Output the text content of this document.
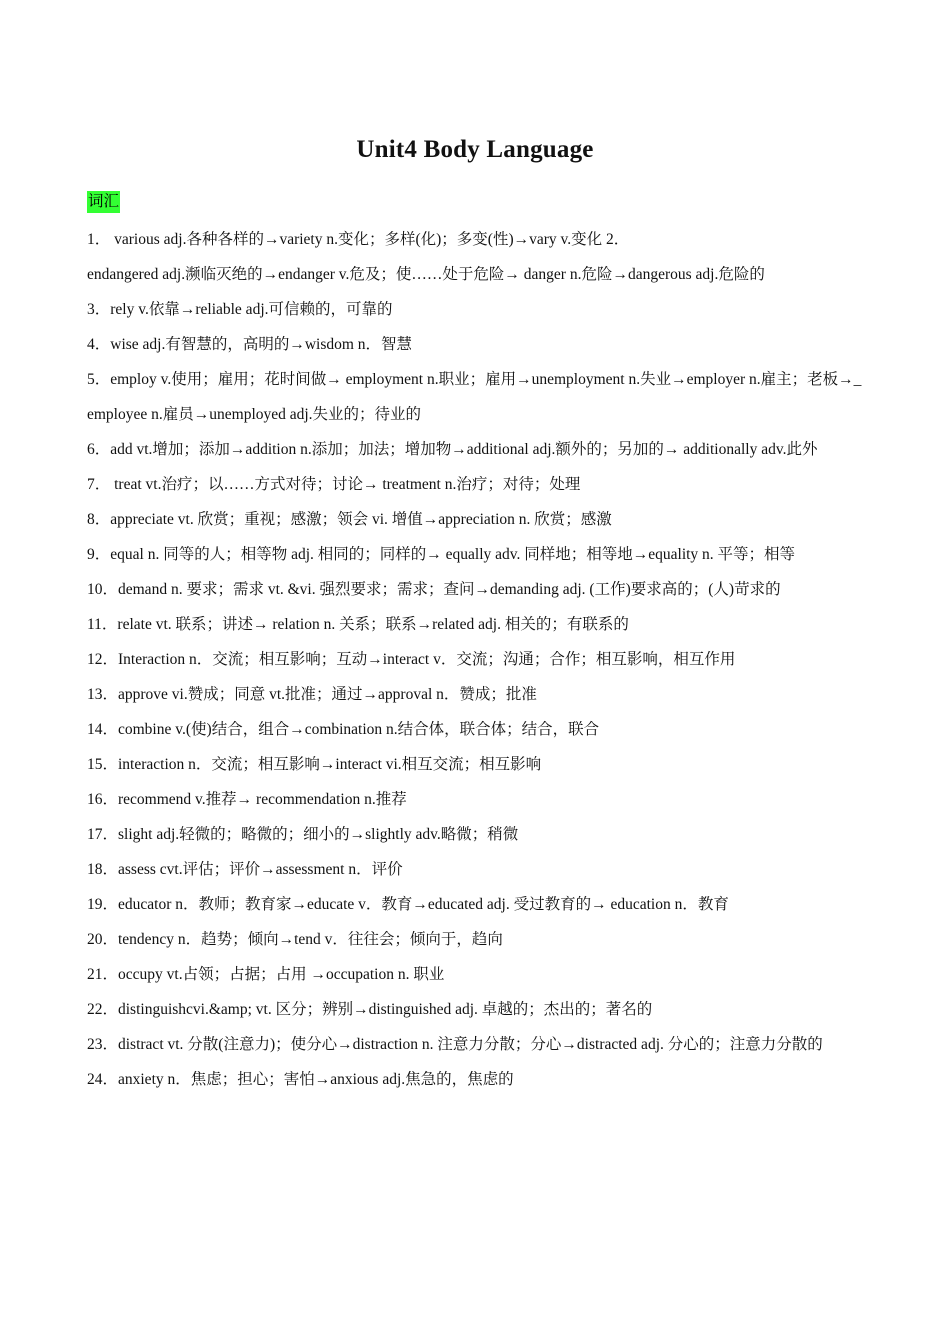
Unit4 Body Language
词汇
1． various adj.各种各样的→variety n.变化；多样(化)；多变(性)→vary v.变化 2．
endangered adj.濒临灭绝的→endanger v.危及；使……处于危险→ danger n.危险→dangerous adj.危险的
3．rely v.依靠→reliable adj.可信赖的，可靠的
4．wise adj.有智慧的，高明的→wisdom n．智慧
5．employ v.使用；雇用；花时间做→ employment n.职业；雇用→unemployment n.失业→employer n.雇主；老板→_employee n.雇员→unemployed adj.失业的；待业的
6．add vt.增加；添加→addition n.添加；加法；增加物→additional adj.额外的；另加的→ additionally adv.此外
7． treat vt.治疗；以……方式对待；讨论→ treatment n.治疗；对待；处理
8．appreciate vt. 欣赏；重视；感激；领会 vi. 增值→appreciation n. 欣赏；感激
9．equal n. 同等的人；相等物 adj. 相同的；同样的→ equally adv. 同样地；相等地→equality n. 平等；相等
10．demand n. 要求；需求 vt. &vi. 强烈要求；需求；查问→demanding adj. (工作)要求高的；(人)苛求的
11．relate vt. 联系；讲述→ relation n. 关系；联系→related adj. 相关的；有联系的
12．Interaction n．交流；相互影响；互动→interact v．交流；沟通；合作；相互影响，相互作用
13．approve vi.赞成；同意 vt.批准；通过→approval n．赞成；批准
14．combine v.(使)结合，组合→combination n.结合体，联合体；结合，联合
15．interaction n．交流；相互影响→interact vi.相互交流；相互影响
16．recommend v.推荐→ recommendation n.推荐
17．slight adj.轻微的；略微的；细小的→slightly adv.略微；稍微
18．assess cvt.评估；评价→assessment n．评价
19．educator n．教师；教育家→educate v．教育→educated adj. 受过教育的→ education n．教育
20．tendency n．趋势；倾向→tend v．往往会；倾向于，趋向
21．occupy vt.占领；占据；占用 →occupation n. 职业
22．distinguishcvi.&amp; vt. 区分；辨别→distinguished adj. 卓越的；杰出的；著名的
23．distract vt. 分散(注意力)；使分心→distraction n. 注意力分散；分心→distracted adj. 分心的；注意力分散的
24．anxiety n．焦虑；担心；害怕→anxious adj.焦急的，焦虑的
